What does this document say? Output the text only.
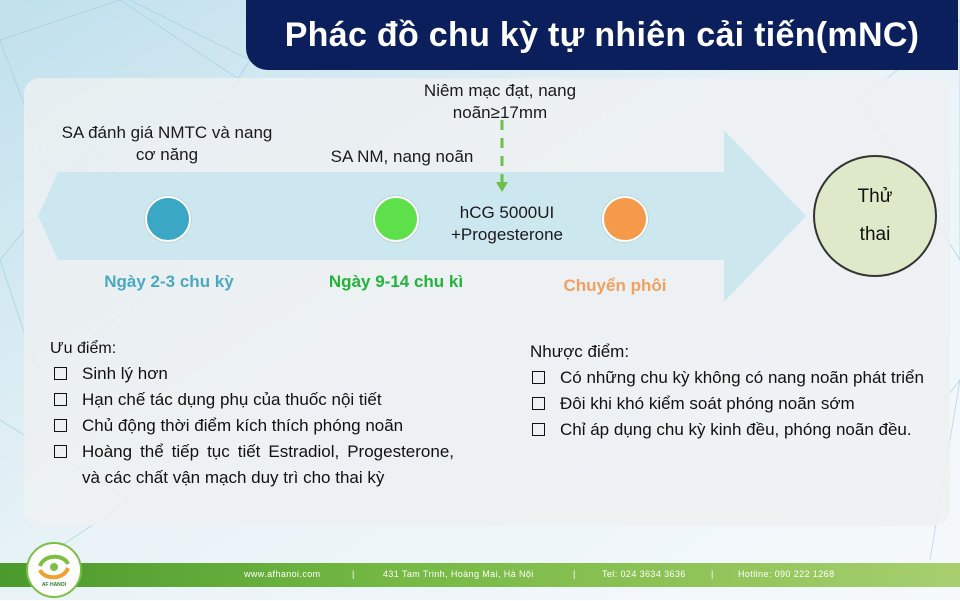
Phác đồ chu kỳ tự nhiên cải tiến(mNC)
Niêm mạc đạt, nang noãn≥17mm
SA đánh giá NMTC và nang cơ năng	SA NM, nang noãn
hCG 5000UI +Progesterone
Ngày 2-3 chu kỳ	Ngày 9-14 chu kì	Chuyển phôi
Thử
thai
Ưu điểm:
Sinh lý hơn
Hạn chế tác dụng phụ của thuốc nội tiết
Chủ động thời điểm kích thích phóng noãn
Hoàng thể tiếp tục tiết Estradiol, Progesterone, và các chất vận mạch duy trì cho thai kỳ
Nhược điểm:
Có những chu kỳ không có nang noãn phát triển
Đôi khi khó kiểm soát phóng noãn sớm
Chỉ áp dụng chu kỳ kinh đều, phóng noãn đều.
www.afhanoi.com	|	431 Tam Trinh, Hoàng Mai, Hà Nội	|	Tel: 024 3634 3636	|	Hotline: 090 222 1268
AF HANOI
